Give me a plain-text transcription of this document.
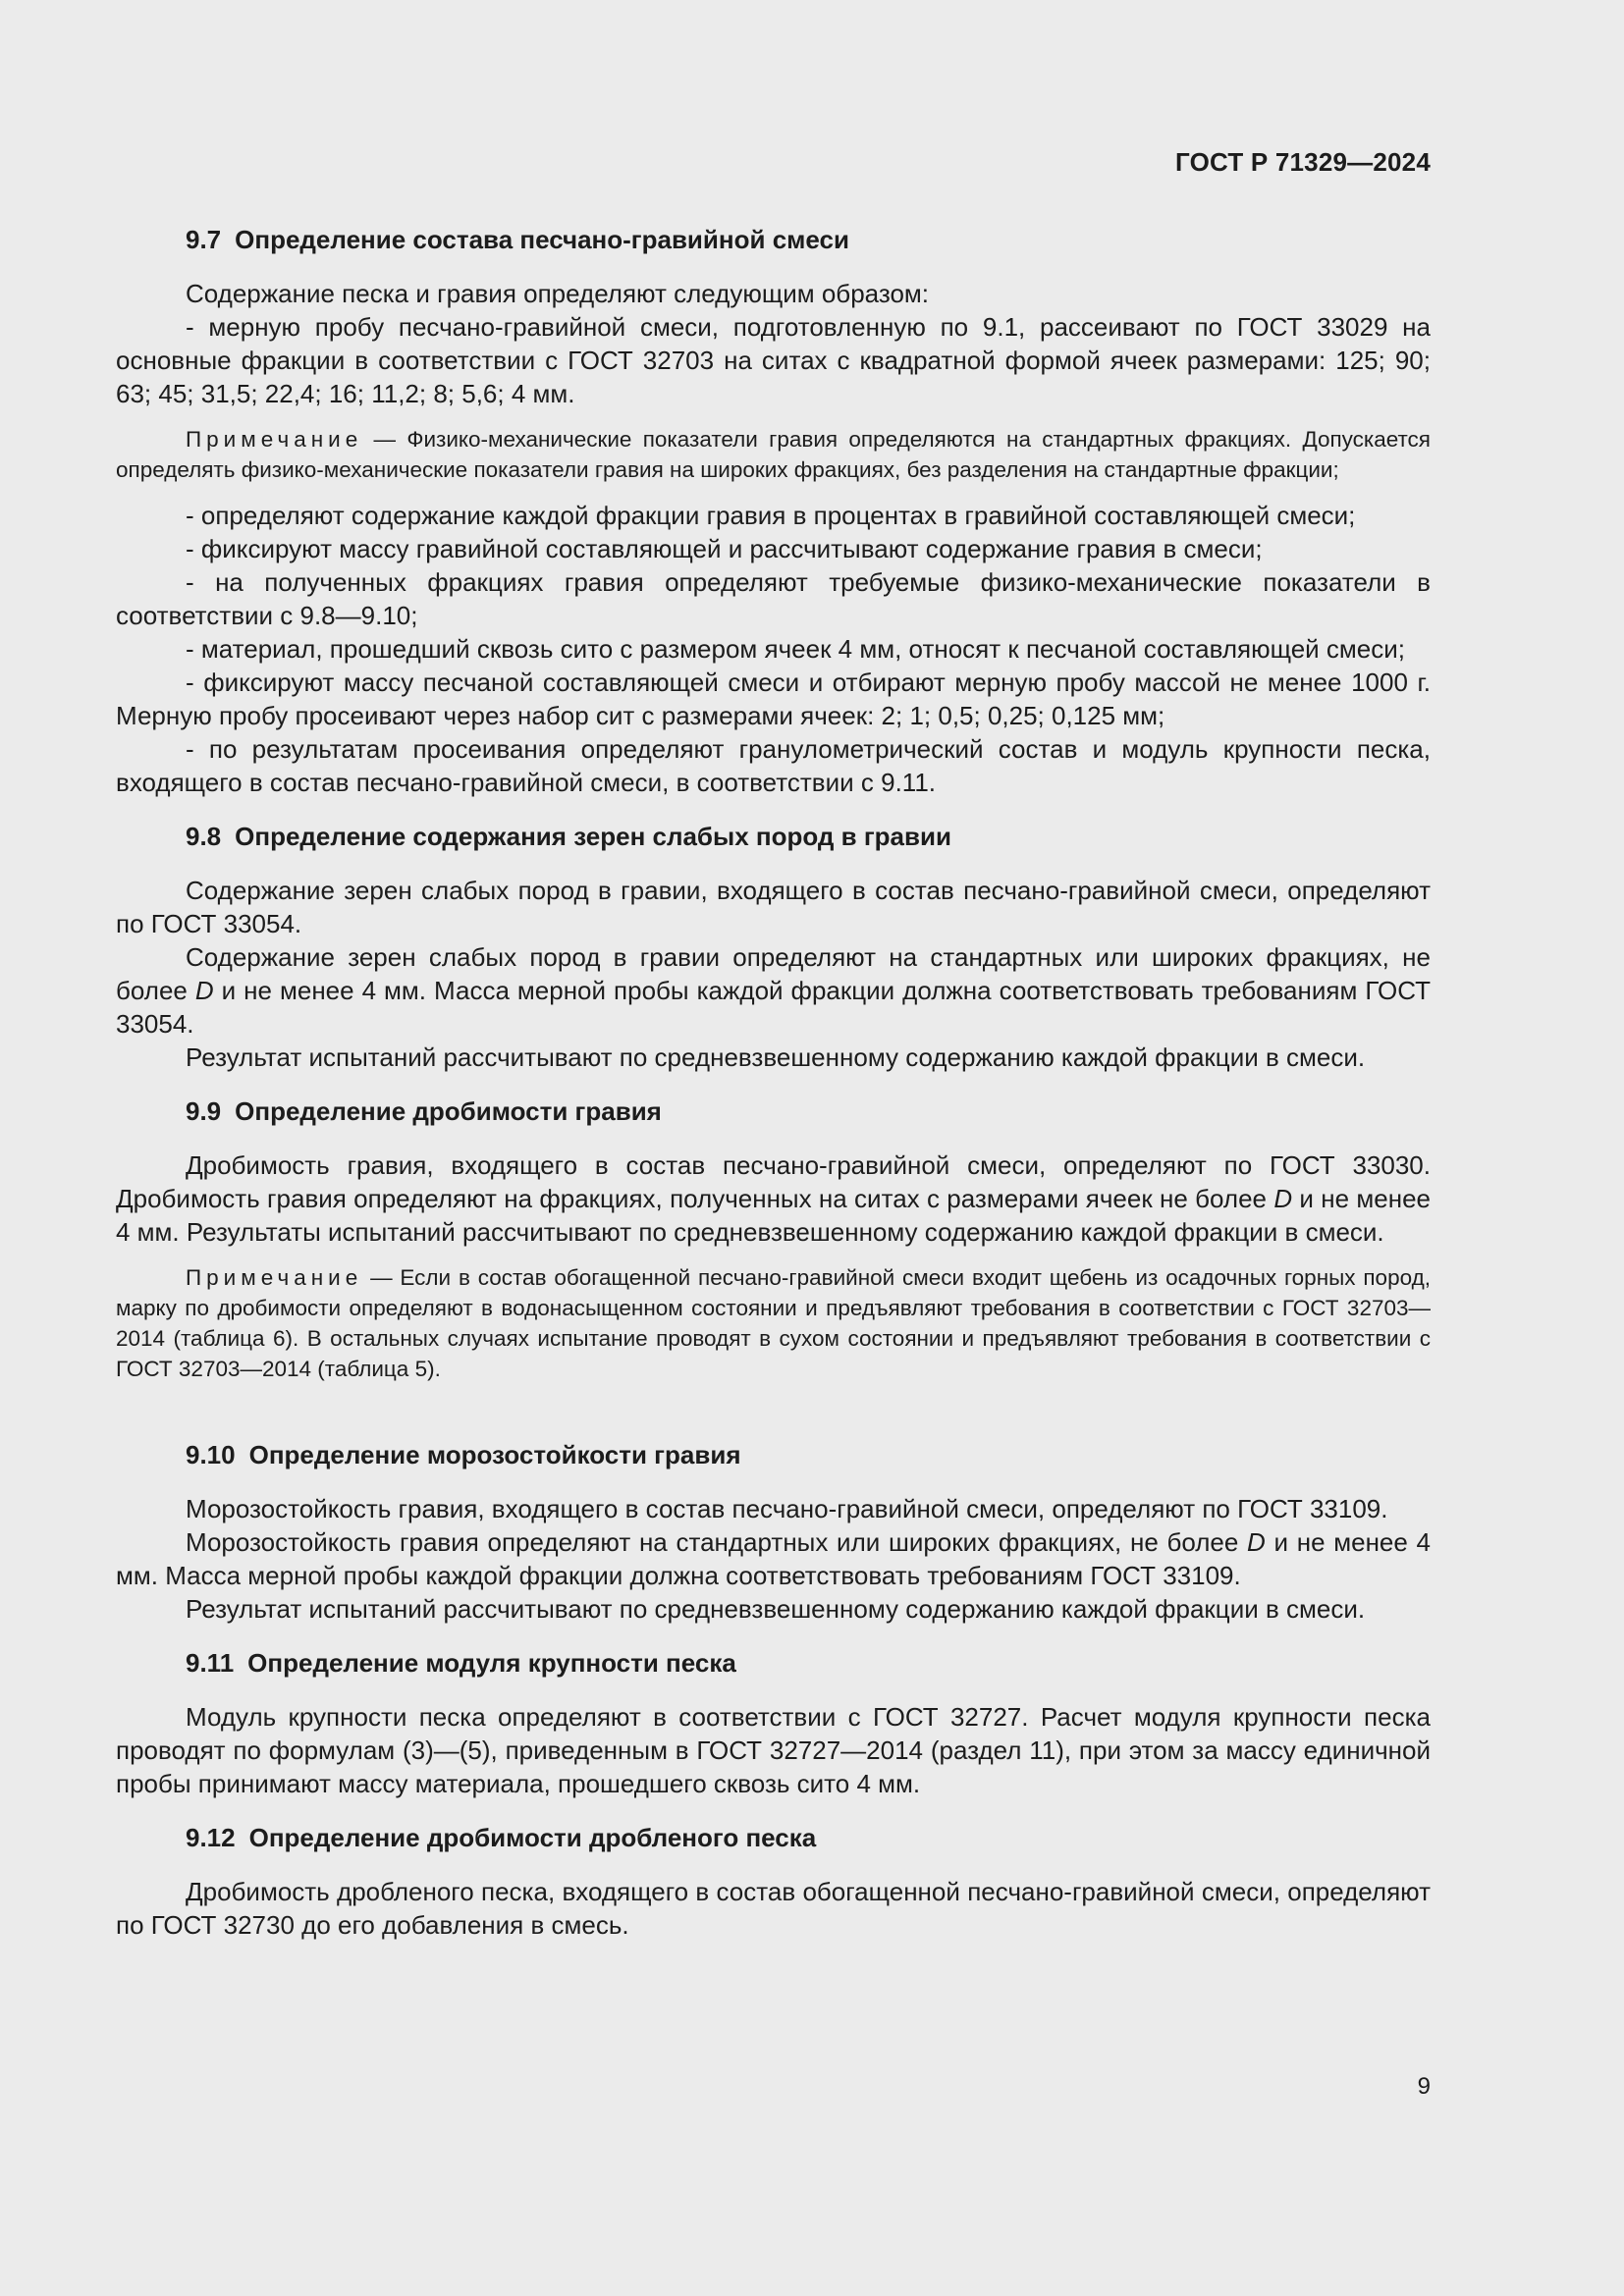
ГОСТ Р 71329—2024
9.7 Определение состава песчано-гравийной смеси

Содержание песка и гравия определяют следующим образом:

- мерную пробу песчано-гравийной смеси, подготовленную по 9.1, рассеивают по ГОСТ 33029 на основные фракции в соответствии с ГОСТ 32703 на ситах с квадратной формой ячеек размерами: 125; 90; 63; 45; 31,5; 22,4; 16; 11,2; 8; 5,6; 4 мм.

Примечание — Физико-механические показатели гравия определяются на стандартных фракциях. Допускается определять физико-механические показатели гравия на широких фракциях, без разделения на стандартные фракции;

- определяют содержание каждой фракции гравия в процентах в гравийной составляющей смеси;

- фиксируют массу гравийной составляющей и рассчитывают содержание гравия в смеси;

- на полученных фракциях гравия определяют требуемые физико-механические показатели в соответствии с 9.8—9.10;

- материал, прошедший сквозь сито с размером ячеек 4 мм, относят к песчаной составляющей смеси;

- фиксируют массу песчаной составляющей смеси и отбирают мерную пробу массой не менее 1000 г. Мерную пробу просеивают через набор сит с размерами ячеек: 2; 1; 0,5; 0,25; 0,125 мм;

- по результатам просеивания определяют гранулометрический состав и модуль крупности песка, входящего в состав песчано-гравийной смеси, в соответствии с 9.11.

9.8 Определение содержания зерен слабых пород в гравии

Содержание зерен слабых пород в гравии, входящего в состав песчано-гравийной смеси, определяют по ГОСТ 33054.

Содержание зерен слабых пород в гравии определяют на стандартных или широких фракциях, не более D и не менее 4 мм. Масса мерной пробы каждой фракции должна соответствовать требованиям ГОСТ 33054.

Результат испытаний рассчитывают по средневзвешенному содержанию каждой фракции в смеси.

9.9 Определение дробимости гравия

Дробимость гравия, входящего в состав песчано-гравийной смеси, определяют по ГОСТ 33030. Дробимость гравия определяют на фракциях, полученных на ситах с размерами ячеек не более D и не менее 4 мм. Результаты испытаний рассчитывают по средневзвешенному содержанию каждой фракции в смеси.

Примечание — Если в состав обогащенной песчано-гравийной смеси входит щебень из осадочных горных пород, марку по дробимости определяют в водонасыщенном состоянии и предъявляют требования в соответствии с ГОСТ 32703—2014 (таблица 6). В остальных случаях испытание проводят в сухом состоянии и предъявляют требования в соответствии с ГОСТ 32703—2014 (таблица 5).

9.10 Определение морозостойкости гравия

Морозостойкость гравия, входящего в состав песчано-гравийной смеси, определяют по ГОСТ 33109.

Морозостойкость гравия определяют на стандартных или широких фракциях, не более D и не менее 4 мм. Масса мерной пробы каждой фракции должна соответствовать требованиям ГОСТ 33109.

Результат испытаний рассчитывают по средневзвешенному содержанию каждой фракции в смеси.

9.11 Определение модуля крупности песка

Модуль крупности песка определяют в соответствии с ГОСТ 32727. Расчет модуля крупности песка проводят по формулам (3)—(5), приведенным в ГОСТ 32727—2014 (раздел 11), при этом за массу единичной пробы принимают массу материала, прошедшего сквозь сито 4 мм.

9.12 Определение дробимости дробленого песка

Дробимость дробленого песка, входящего в состав обогащенной песчано-гравийной смеси, определяют по ГОСТ 32730 до его добавления в смесь.

9
